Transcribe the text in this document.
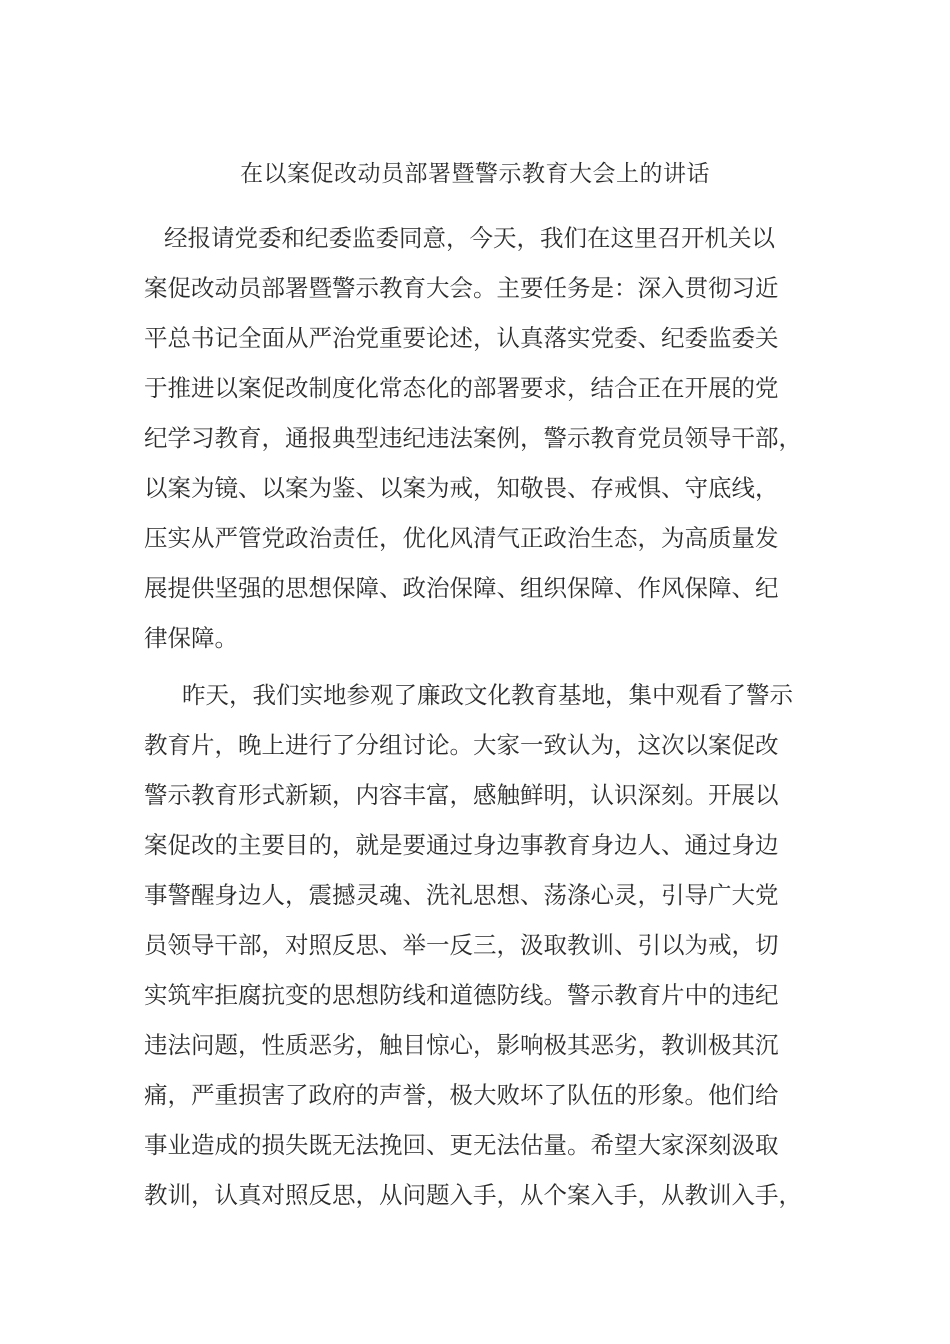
在以案促改动员部署暨警示教育大会上的讲话
经报请党委和纪委监委同意，今天，我们在这里召开机关以
案促改动员部署暨警示教育大会。主要任务是：深入贯彻习近
平总书记全面从严治党重要论述，认真落实党委、纪委监委关
于推进以案促改制度化常态化的部署要求，结合正在开展的党
纪学习教育，通报典型违纪违法案例，警示教育党员领导干部，
以案为镜、以案为鉴、以案为戒，知敬畏、存戒惧、守底线，
压实从严管党政治责任，优化风清气正政治生态，为高质量发
展提供坚强的思想保障、政治保障、组织保障、作风保障、纪
律保障。
昨天，我们实地参观了廉政文化教育基地，集中观看了警示
教育片，晚上进行了分组讨论。大家一致认为，这次以案促改
警示教育形式新颖，内容丰富，感触鲜明，认识深刻。开展以
案促改的主要目的，就是要通过身边事教育身边人、通过身边
事警醒身边人，震撼灵魂、洗礼思想、荡涤心灵，引导广大党
员领导干部，对照反思、举一反三，汲取教训、引以为戒，切
实筑牢拒腐抗变的思想防线和道德防线。警示教育片中的违纪
违法问题，性质恶劣，触目惊心，影响极其恶劣，教训极其沉
痛，严重损害了政府的声誉，极大败坏了队伍的形象。他们给
事业造成的损失既无法挽回、更无法估量。希望大家深刻汲取
教训，认真对照反思，从问题入手，从个案入手，从教训入手，
